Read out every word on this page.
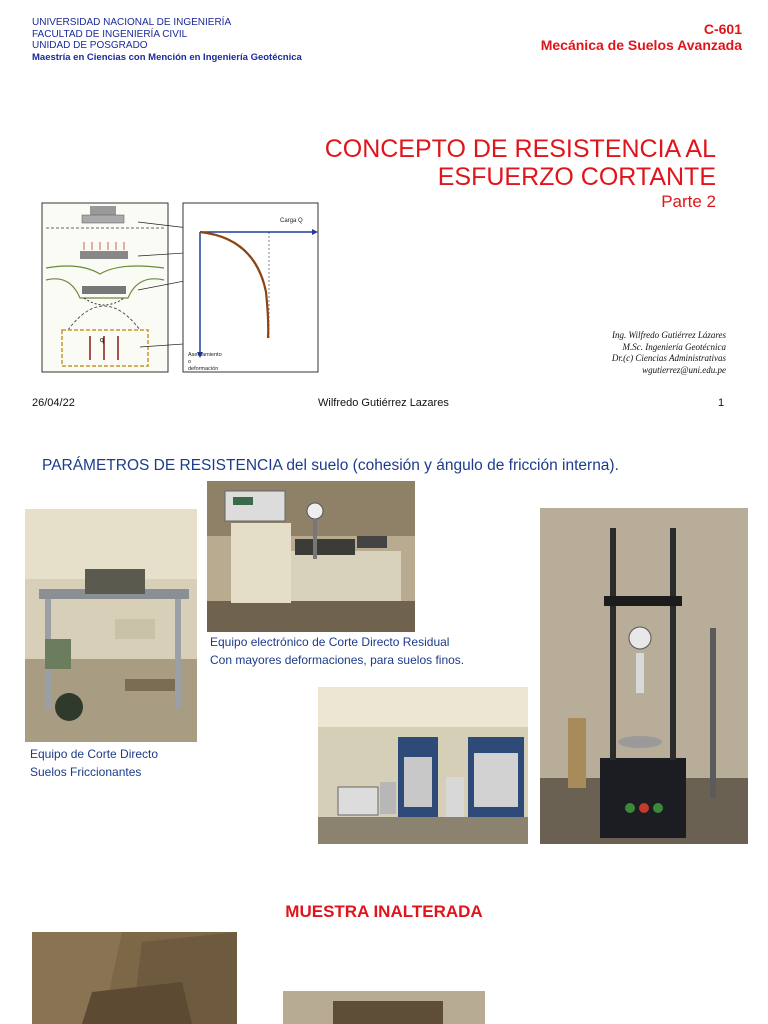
UNIVERSIDAD NACIONAL DE INGENIERÍA
FACULTAD DE INGENIERÍA CIVIL
UNIDAD DE POSGRADO
Maestría en Ciencias con Mención en Ingeniería Geotécnica
C-601
Mecánica de Suelos Avanzada
CONCEPTO DE RESISTENCIA AL
ESFUERZO CORTANTE
Parte 2
q
Carga Q
Asentamiento
o
deformación
Ing. Wilfredo Gutiérrez Lázares
M.Sc. Ingeniería Geotécnica
Dr.(c) Ciencias Administrativas
wgutierrez@uni.edu.pe
26/04/22	Wilfredo Gutiérrez Lazares	1
PARÁMETROS DE RESISTENCIA del suelo (cohesión y ángulo de fricción interna).
Equipo de Corte Directo
Suelos Friccionantes
Equipo electrónico de Corte Directo Residual
Con mayores deformaciones, para suelos finos.
MUESTRA INALTERADA
